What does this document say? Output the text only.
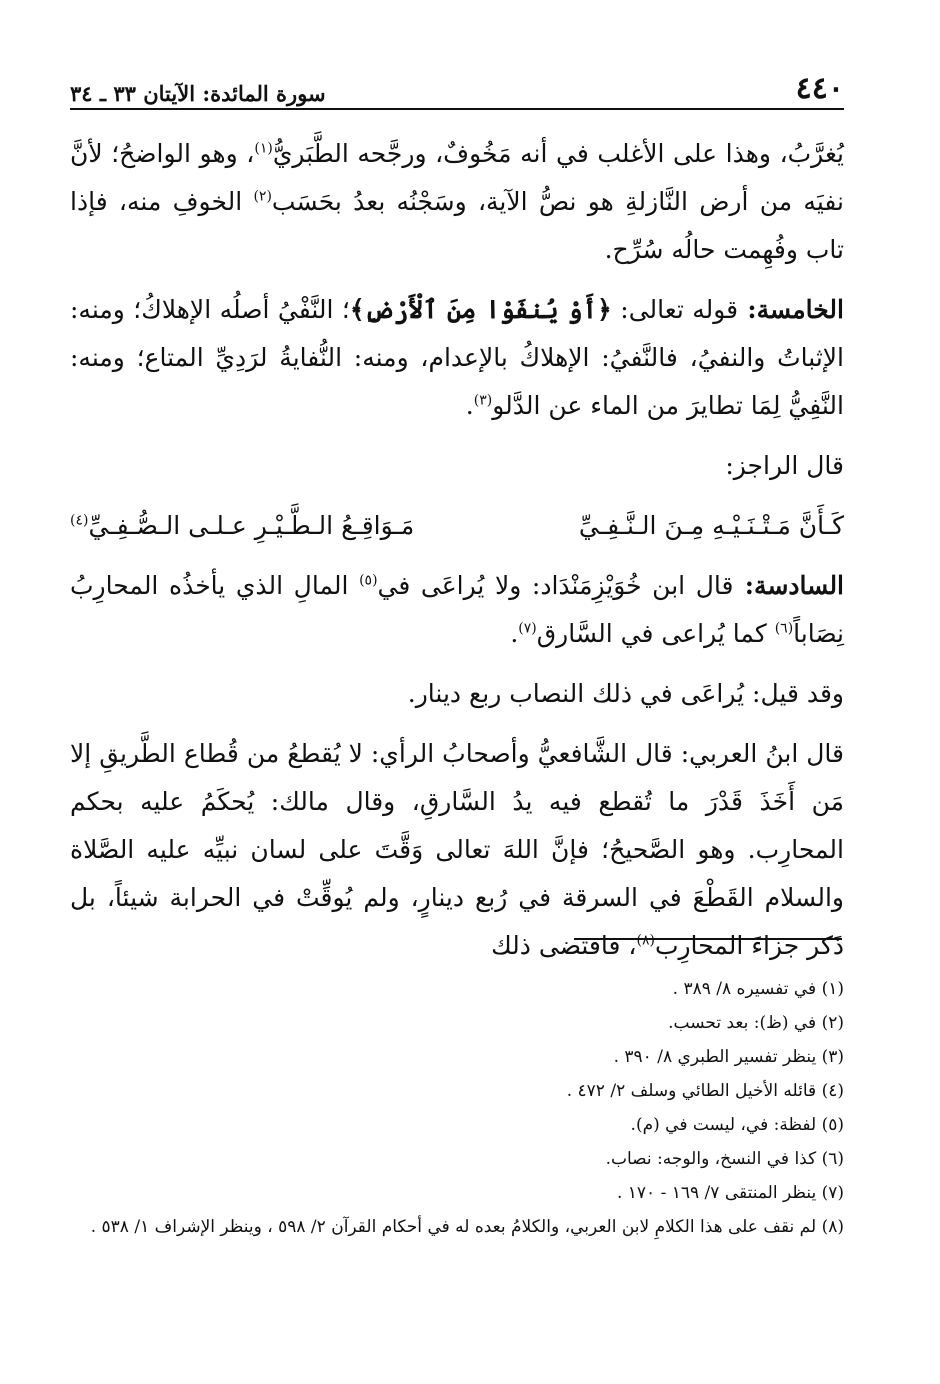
٤٤٠
سورة المائدة: الآيتان ٣٣ ـ ٣٤

يُغرَّبُ، وهذا على الأغلب في أنه مَخُوفٌ، ورجَّحه الطَّبَريُّ$^{(١)}$، وهو الواضحُ؛ لأنَّ نفيَه من أرض النَّازلةِ هو نصُّ الآية، وسَجْنُه بعدُ بحَسَب$^{(٢)}$ الخوفِ منه، فإذا تاب وفُهِمت حالُه سُرِّح.

الخامسة: قوله تعالى: ﴿أَوْ يُنفَوْا مِنَ ٱلْأَرْضِ﴾؛ النَّفْيُ أصلُه الإهلاكُ؛ ومنه: الإثباتُ والنفيُ، فالنَّفيُ: الإهلاكُ بالإعدام، ومنه: النُّفايةُ لرَدِيِّ المتاع؛ ومنه: النَّفِيُّ لِمَا تطايرَ من الماء عن الدَّلو$^{(٣)}$.

قال الراجز:

كَـأَنَّ مَـتْـنَـيْـهِ مِـنَ الـنَّـفِـيِّ
مَـوَاقِـعُ الـطَّـيْـرِ عـلـى الـصُّـفِـيِّ$^{(٤)}$

السادسة: قال ابن خُوَيْزِمَنْدَاد: ولا يُراعَى في$^{(٥)}$ المالِ الذي يأخذُه المحارِبُ نِصَاباً$^{(٦)}$ كما يُراعى في السَّارق$^{(٧)}$.

وقد قيل: يُراعَى في ذلك النصاب ربع دينار.

قال ابنُ العربي: قال الشَّافعيُّ وأصحابُ الرأي: لا يُقطعُ من قُطاع الطَّريقِ إلا مَن أَخَذَ قَدْرَ ما تُقطع فيه يدُ السَّارقِ، وقال مالك: يُحكَمُ عليه بحكم المحارِب. وهو الصَّحيحُ؛ فإنَّ اللهَ تعالى وَقَّتَ على لسان نبيِّه عليه الصَّلاة والسلام القَطْعَ في السرقة في رُبع دينارٍ، ولم يُوقِّتْ في الحرابة شيئاً، بل ذَكر جزاءَ المحارِب$^{(٨)}$، فاقتضى ذلك

(١) في تفسيره ٨/ ٣٨٩ .

(٢) في (ظ): بعد تحسب.

(٣) ينظر تفسير الطبري ٨/ ٣٩٠ .

(٤) قائله الأخيل الطائي وسلف ٢/ ٤٧٢ .

(٥) لفظة: في، ليست في (م).

(٦) كذا في النسخ، والوجه: نصاب.

(٧) ينظر المنتقى ٧/ ١٦٩ - ١٧٠ .

(٨) لم نقف على هذا الكلامِ لابن العربي، والكلامُ بعده له في أحكام القرآن ٢/ ٥٩٨ ، وينظر الإشراف ١/ ٥٣٨ .
